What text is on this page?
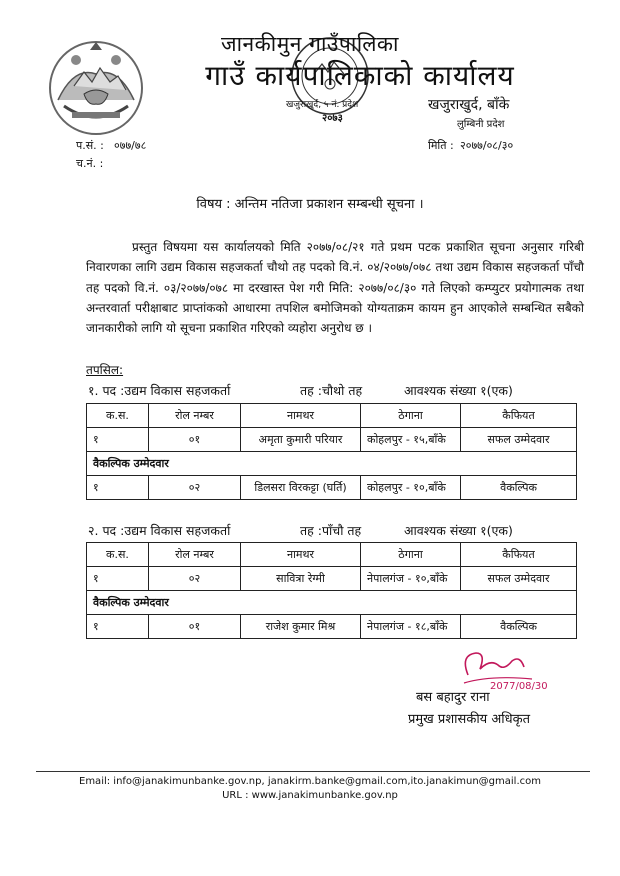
जानकीमुन गाउँपालिका
गाउँ कार्यपालिकाको कार्यालय
खजुराखुर्द, ५ नं. प्रदेश
२०७३
खजुराखुर्द, बाँके
लुम्बिनी प्रदेश
प.सं. : ०७७/७८
च.नं. :
मिति : २०७७/०८/३०
विषय : अन्तिम नतिजा प्रकाशन सम्बन्धी सूचना ।
प्रस्तुत विषयमा यस कार्यालयको मिति २०७७/०८/२१ गते प्रथम पटक प्रकाशित सूचना अनुसार गरिबी निवारणका लागि उद्यम विकास सहजकर्ता चौथो तह पदको वि.नं. ०४/२०७७/०७८ तथा उद्यम विकास सहजकर्ता पाँचौ तह पदको वि.नं. ०३/२०७७/०७८ मा दरखास्त पेश गरी मिति: २०७७/०८/३० गते लिएको कम्प्युटर प्रयोगात्मक तथा अन्तरवार्ता परीक्षाबाट प्राप्तांकको आधारमा तपशिल बमोजिमको योग्यताक्रम कायम हुन आएकोले सम्बन्धित सबैको जानकारीको लागि यो सूचना प्रकाशित गरिएको व्यहोरा अनुरोध छ ।
तपसिल:
१. पद :उद्यम विकास सहजकर्ता	तह :चौथो तह	आवश्यक संख्या १(एक)
क.स.	रोल नम्बर	नामथर	ठेगाना	कैफियत
१	०१	अमृता कुमारी परियार	कोहलपुर - १५,बाँके	सफल उम्मेदवार
वैकल्पिक उम्मेदवार				
१	०२	डिलसरा विरकट्टा (घर्ति)	कोहलपुर - १०,बाँके	वैकल्पिक
२. पद :उद्यम विकास सहजकर्ता	तह :पाँचौ तह	आवश्यक संख्या १(एक)
क.स.	रोल नम्बर	नामथर	ठेगाना	कैफियत
१	०२	सावित्रा रेग्मी	नेपालगंज - १०,बाँके	सफल उम्मेदवार
वैकल्पिक उम्मेदवार				
१	०१	राजेश कुमार मिश्र	नेपालगंज - १८,बाँके	वैकल्पिक
2077/08/30
बस बहादुर राना
प्रमुख प्रशासकीय अधिकृत
Email: info@janakimunbanke.gov.np, janakirm.banke@gmail.com,ito.janakimun@gmail.com
URL : www.janakimunbanke.gov.np
